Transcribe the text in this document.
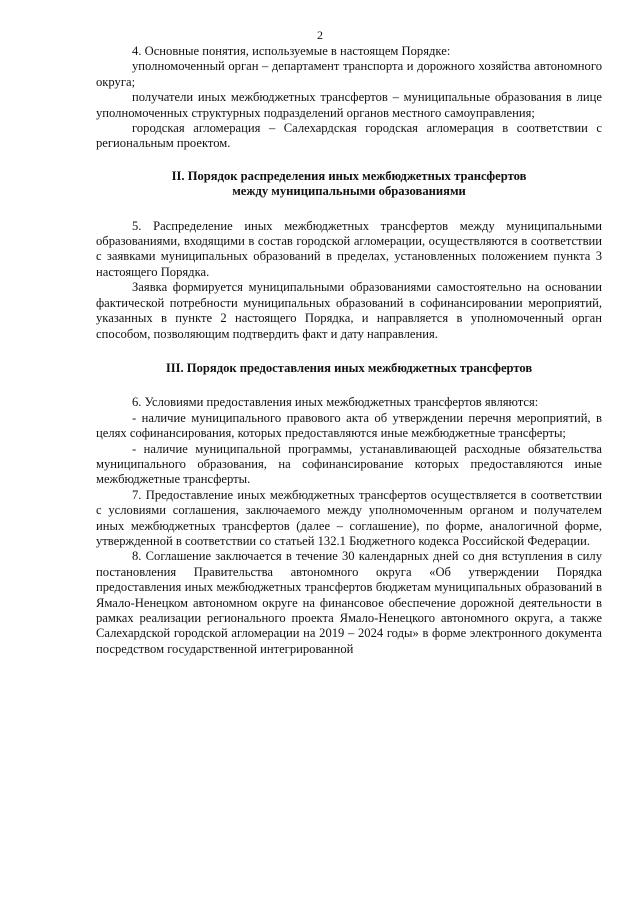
2

4. Основные понятия, используемые в настоящем Порядке:

уполномоченный орган – департамент транспорта и дорожного хозяйства автономного округа;

получатели иных межбюджетных трансфертов – муниципальные образования в лице уполномоченных структурных подразделений органов местного самоуправления;

городская агломерация – Салехардская городская агломерация в соответствии с региональным проектом.

II. Порядок распределения иных межбюджетных трансфертов

между муниципальными образованиями

5. Распределение иных межбюджетных трансфертов между муниципальными образованиями, входящими в состав городской агломерации, осуществляются в соответствии с заявками муниципальных образований в пределах, установленных положением пункта 3 настоящего Порядка.

Заявка формируется муниципальными образованиями самостоятельно на основании фактической потребности муниципальных образований в софинансировании мероприятий, указанных в пункте 2 настоящего Порядка, и направляется в уполномоченный орган способом, позволяющим подтвердить факт и дату направления.

III. Порядок предоставления иных межбюджетных трансфертов

6. Условиями предоставления иных межбюджетных трансфертов являются:

- наличие муниципального правового акта об утверждении перечня мероприятий, в целях софинансирования, которых предоставляются иные межбюджетные трансферты;

- наличие муниципальной программы, устанавливающей расходные обязательства муниципального образования, на софинансирование которых предоставляются иные межбюджетные трансферты.

7. Предоставление иных межбюджетных трансфертов осуществляется в соответствии с условиями соглашения, заключаемого между уполномоченным органом и получателем иных межбюджетных трансфертов (далее – соглашение), по форме, аналогичной форме, утвержденной в соответствии со статьей 132.1 Бюджетного кодекса Российской Федерации.

8. Соглашение заключается в течение 30 календарных дней со дня вступления в силу постановления Правительства автономного округа «Об утверждении Порядка предоставления иных межбюджетных трансфертов бюджетам муниципальных образований в Ямало-Ненецком автономном округе на финансовое обеспечение дорожной деятельности в рамках реализации регионального проекта Ямало-Ненецкого автономного округа, а также Салехардской городской агломерации на 2019 – 2024 годы» в форме электронного документа посредством государственной интегрированной
